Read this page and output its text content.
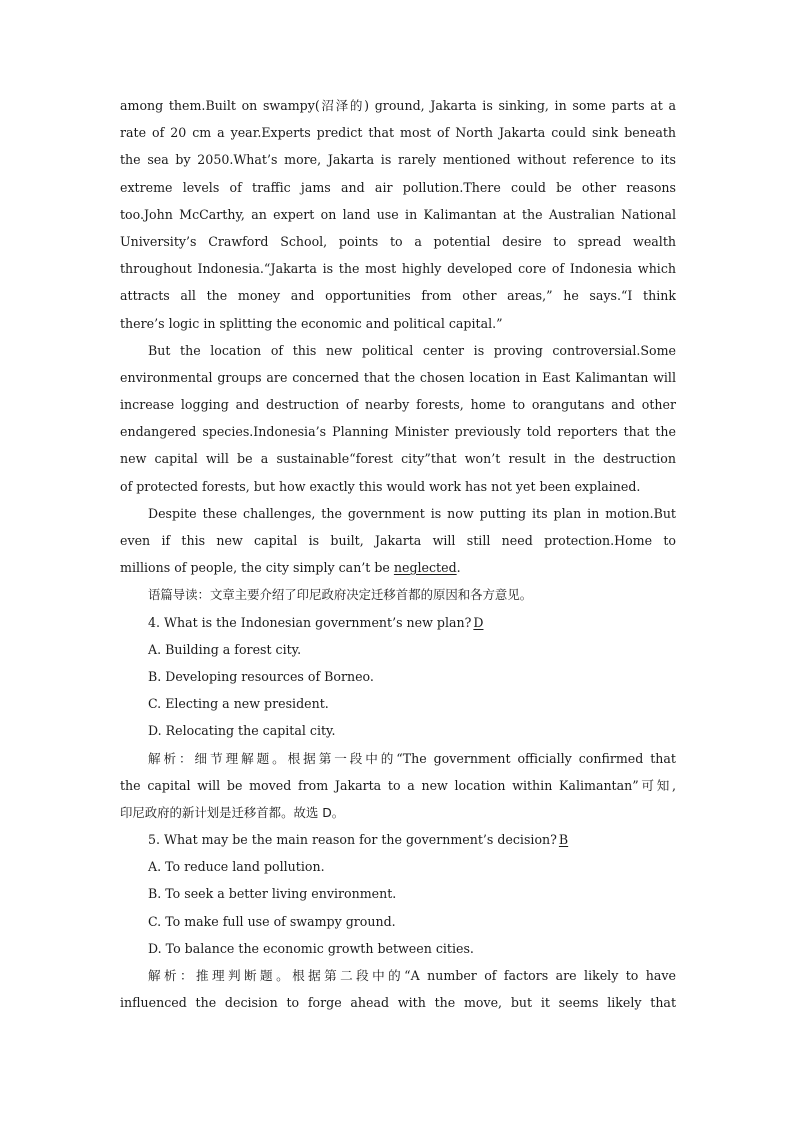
among them.Built on swampy(沼泽的) ground, Jakarta is sinking, in some parts at a
rate of 20 cm a year.Experts predict that most of North Jakarta could sink beneath
the sea by 2050.What’s more, Jakarta is rarely mentioned without reference to its
extreme levels of traffic jams and air pollution.There could be other reasons
too.John McCarthy, an expert on land use in Kalimantan at the Australian National
University’s Crawford School, points to a potential desire to spread wealth
throughout Indonesia.“Jakarta is the most highly developed core of Indonesia which
attracts all the money and opportunities from other areas,” he says.“I think
there’s logic in splitting the economic and political capital.”
But the location of this new political center is proving controversial.Some
environmental groups are concerned that the chosen location in East Kalimantan will
increase logging and destruction of nearby forests, home to orangutans and other
endangered species.Indonesia’s Planning Minister previously told reporters that the
new capital will be a sustainable“forest city”that won’t result in the destruction
of protected forests, but how exactly this would work has not yet been explained.
Despite these challenges, the government is now putting its plan in motion.But
even if this new capital is built, Jakarta will still need protection.Home to
millions of people, the city simply can’t be neglected.
语篇导读：文章主要介绍了印尼政府决定迁移首都的原因和各方意见。
4. What is the Indonesian government’s new plan? D
A. Building a forest city.
B. Developing resources of Borneo.
C. Electing a new president.
D. Relocating the capital city.
解析：细节理解题。根据第一段中的“The government officially confirmed that
the capital will be moved from Jakarta to a new location within Kalimantan”可知,
印尼政府的新计划是迁移首都。故选 D。
5. What may be the main reason for the government’s decision? B
A. To reduce land pollution.
B. To seek a better living environment.
C. To make full use of swampy ground.
D. To balance the economic growth between cities.
解析：推理判断题。根据第二段中的“A number of factors are likely to have
influenced the decision to forge ahead with the move, but it seems likely that
